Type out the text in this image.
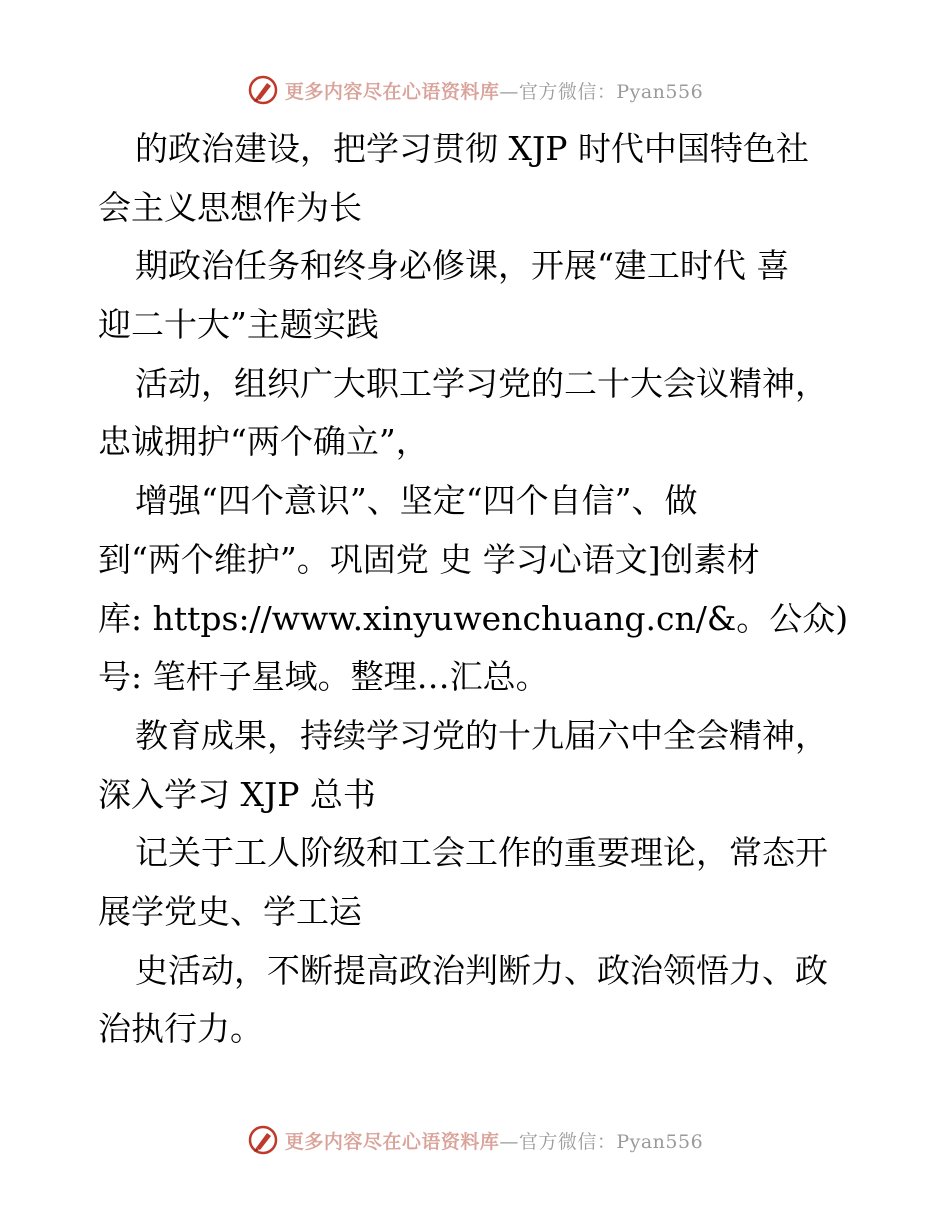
更多内容尽在心语资料库—官方微信：Pyan556
的政治建设，把学习贯彻 XJP 时代中国特色社
会主义思想作为长
期政治任务和终身必修课，开展“建工时代 喜
迎二十大”主题实践
活动，组织广大职工学习党的二十大会议精神，
忠诚拥护“两个确立”，
增强“四个意识”、坚定“四个自信”、做
到“两个维护”。巩固党 史 学习心语文]创素材
库: https://www.xinyuwenchuang.cn/&。公众)
号: 笔杆子星域。整理…汇总。
教育成果，持续学习党的十九届六中全会精神，
深入学习 XJP 总书
记关于工人阶级和工会工作的重要理论，常态开
展学党史、学工运
史活动，不断提高政治判断力、政治领悟力、政
治执行力。
更多内容尽在心语资料库—官方微信：Pyan556
